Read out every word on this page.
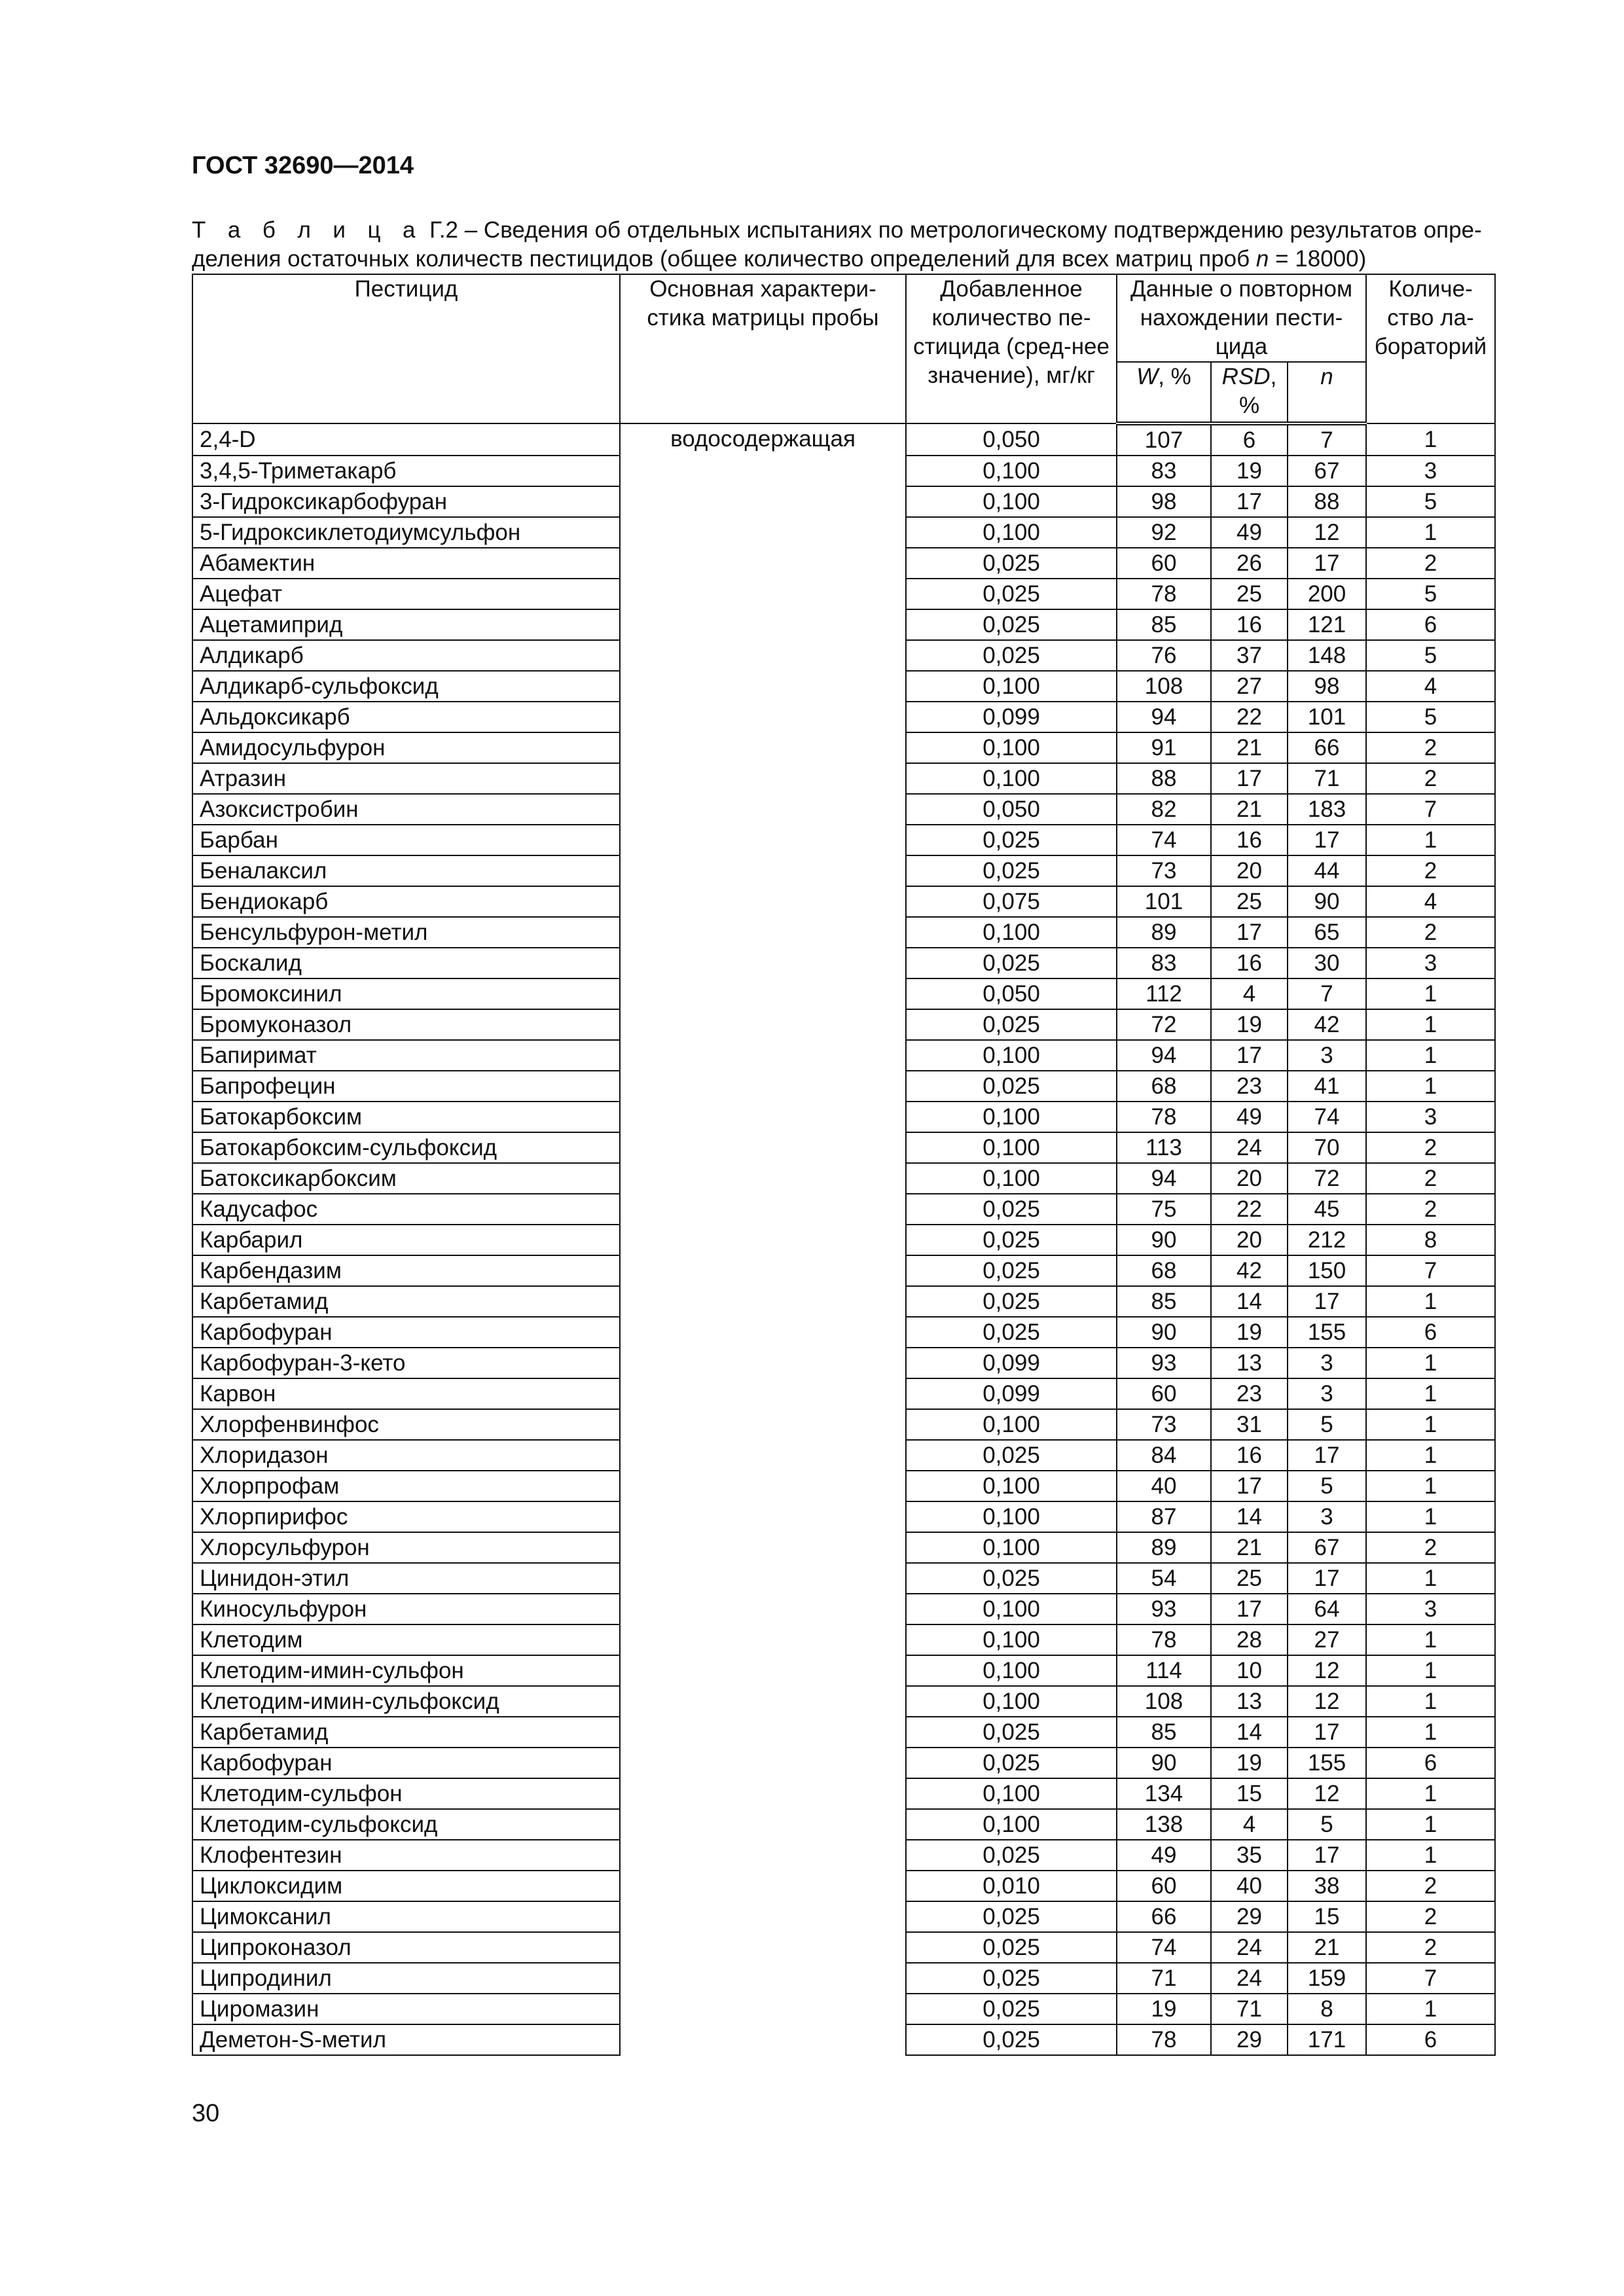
ГОСТ 32690—2014
Т а б л и ц а Г.2 – Сведения об отдельных испытаниях по метрологическому подтверждению результатов опре-
деления остаточных количеств пестицидов (общее количество определений для всех матриц проб n = 18000)
Пестицид	Основная характери-стика матрицы пробы	Добавленное количество пе-стицида (сред-нее значение), мг/кг	Данные о повторном нахождении пести-цида			Количе-ство ла-бораторий
			W, %	RSD, %	n	
2,4-D	водосодержащая	0,050	107	6	7	1
3,4,5-Триметакарб		0,100	83	19	67	3
3-Гидроксикарбофуран		0,100	98	17	88	5
5-Гидроксиклетодиумсульфон		0,100	92	49	12	1
Абамектин		0,025	60	26	17	2
Ацефат		0,025	78	25	200	5
Ацетамиприд		0,025	85	16	121	6
Алдикарб		0,025	76	37	148	5
Алдикарб-сульфоксид		0,100	108	27	98	4
Альдоксикарб		0,099	94	22	101	5
Амидосульфурон		0,100	91	21	66	2
Атразин		0,100	88	17	71	2
Азоксистробин		0,050	82	21	183	7
Барбан		0,025	74	16	17	1
Беналаксил		0,025	73	20	44	2
Бендиокарб		0,075	101	25	90	4
Бенсульфурон-метил		0,100	89	17	65	2
Боскалид		0,025	83	16	30	3
Бромоксинил		0,050	112	4	7	1
Бромуконазол		0,025	72	19	42	1
Бапиримат		0,100	94	17	3	1
Бапрофецин		0,025	68	23	41	1
Батокарбоксим		0,100	78	49	74	3
Батокарбоксим-сульфоксид		0,100	113	24	70	2
Батоксикарбоксим		0,100	94	20	72	2
Кадусафос		0,025	75	22	45	2
Карбарил		0,025	90	20	212	8
Карбендазим		0,025	68	42	150	7
Карбетамид		0,025	85	14	17	1
Карбофуран		0,025	90	19	155	6
Карбофуран-3-кето		0,099	93	13	3	1
Карвон		0,099	60	23	3	1
Хлорфенвинфос		0,100	73	31	5	1
Хлоридазон		0,025	84	16	17	1
Хлорпрофам		0,100	40	17	5	1
Хлорпирифос		0,100	87	14	3	1
Хлорсульфурон		0,100	89	21	67	2
Цинидон-этил		0,025	54	25	17	1
Киносульфурон		0,100	93	17	64	3
Клетодим		0,100	78	28	27	1
Клетодим-имин-сульфон		0,100	114	10	12	1
Клетодим-имин-сульфоксид		0,100	108	13	12	1
Карбетамид		0,025	85	14	17	1
Карбофуран		0,025	90	19	155	6
Клетодим-сульфон		0,100	134	15	12	1
Клетодим-сульфоксид		0,100	138	4	5	1
Клофентезин		0,025	49	35	17	1
Циклоксидим		0,010	60	40	38	2
Цимоксанил		0,025	66	29	15	2
Ципроконазол		0,025	74	24	21	2
Ципродинил		0,025	71	24	159	7
Циромазин		0,025	19	71	8	1
Деметон-S-метил		0,025	78	29	171	6
30
